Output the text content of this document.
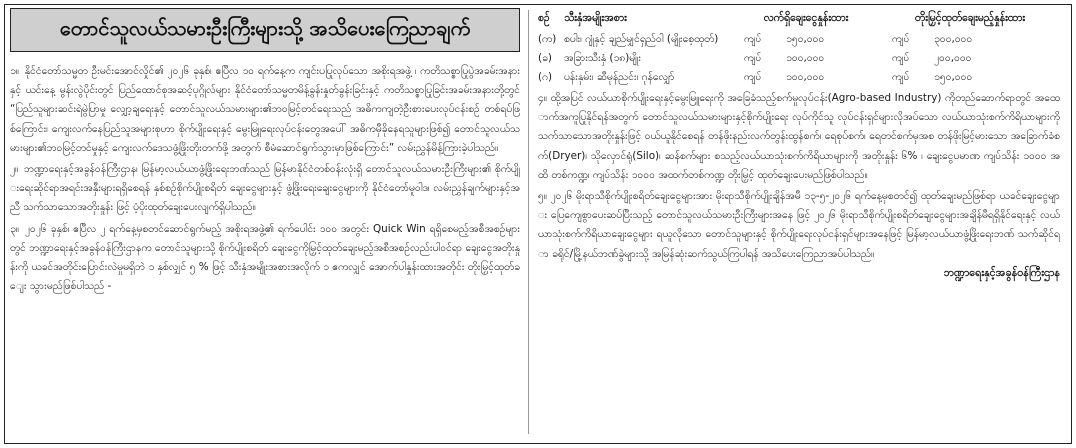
တောင်သူလယ်သမားဦးကြီးများသို့ အသိပေးကြေညာချက်

၁။ နိုင်ငံတော်သမ္မတ ဦးမင်းအောင်လှိုင်၏ ၂၀၂၆ ခုနှစ်၊ ဧပြီလ ၁၀ ရက်နေ့က ကျင်းပပြုလုပ်သော အစိုးရအဖွဲ့ ၊ ကတိသစ္စာပြုပွဲအခမ်းအနားနှင့် ယင်းနေ့ မွန်းလွဲပိုင်းတွင် ပြည်ထောင်စုအဆင့်ပုဂ္ဂိုလ်များ နိုင်ငံတော်သမ္မတမိန့်ခွန်းနှုတ်ခွန်းခြင်းနှင့် ကတိသစ္စာပြုခြင်းအခမ်းအနားတို့တွင် “ပြည်သူများဆင်းရဲမွဲပြာမှု လျှော့ချရေးနှင့် တောင်သူလယ်သမားများ၏ဘဝမြင့်တင်ရေးသည် အဓိကကျတဲ့ဦးစားပေးလုပ်ငန်းစဉ် တစ်ရပ်ဖြစ်ကြောင်း၊ ကျေးလက်နေပြည်သူအများစုဟာ စိုက်ပျိုးရေးနှင့် မွေးမြူရေးလုပ်ငန်းတွေအပေါ် အဓိကမှီခိုနေရသူများဖြစ်၍ တောင်သူလယ်သမားများ၏ဘဝမြင့်တင်မှုနှင့် ကျေးလက်ဒေသဖွံ့ဖြိုးတိုးတက်ဖို့ အတွက် စီမံဆောင်ရွက်သွားမှာဖြစ်ကြောင်း” လမ်းညွှန်မိန့်ကြားခဲ့ပါသည်။

၂။ ဘဏ္ဍာရေးနှင့်အခွန်ဝန်ကြီးဌာန၊ မြန်မာ့လယ်ယာဖွံ့ဖြိုးရေးဘဏ်သည် မြန်မာနိုင်ငံတစ်ဝန်းလုံးရှိ တောင်သူလယ်သမားဦးကြီးများ၏ စိုက်ပျိုးရေးဆိုင်ရာအရင်းအနှီးများရရှိစေရန် နှစ်စဉ်စိုက်ပျိုးစရိတ် ချေးငွေများနှင့် ဖွံ့ဖြိုးရေးချေးငွေများကို နိုင်ငံတော်မူဝါဒ၊ လမ်းညွှန်ချက်များနှင့်အညီ သက်သာသောအတိုးနှုန်း ဖြင့် ပံ့ပိုးထုတ်ချေးပေးလျက်ရှိပါသည်။

၃။ ၂၀၂၆ ခုနှစ်၊ ဧပြီလ ၂ ရက်နေ့မှစတင်ဆောင်ရွက်မည့် အစိုးရအဖွဲ့၏ ရက်ပေါင်း ၁၀၀ အတွင်း Quick Win ရရှိစေမည့်အစီအစဉ်များတွင် ဘဏ္ဍာရေးနှင့်အခွန်ဝန်ကြီးဌာနက တောင်သူများသို့ စိုက်ပျိုးစရိတ် ချေးငွေကိုမြှင့်ထုတ်ချေးမည့်အစီအစဉ်လည်းပါဝင်ရာ ချေးငွေအတိုးနှုန်းကို ယခင်အတိုင်းပြောင်းလဲမှုမရှိဘဲ ၁ နှစ်လျှင် ၅ % ဖြင့် သီးနှံအမျိုးအစားအလိုက် ၁ ဧကလျှင် အောက်ပါနှုန်းထားအတိုင်း တိုးမြှင့်ထုတ်ချေး သွားမည်ဖြစ်ပါသည် -

စဉ်	သီးနှံအမျိုးအစား	လက်ရှိချေးငွေနှုန်းထား	တိုးမြှင့်ထုတ်ချေးမည့်နှုန်းထား
(က) စပါး၊ ဂျုံနှင့် ချည်မျှင်ရှည်ဝါ (မျိုးစေ့ထုတ်)	ကျပ် ၁၅၀,၀၀၀	ကျပ် ၃၀၀,၀၀၀
(ခ)	အခြားသီးနှံ (၁၈)မျိုး	ကျပ် ၁၀၀,၀၀၀	ကျပ် ၂၀၀,၀၀၀
(ဂ)	ပန်းနှမ်း၊ ဆီမုန်ညင်း၊ ဂုန်လျှော်	ကျပ် ၁၀၀,၀၀၀	ကျပ် ၁၅၀,၀၀၀

၄။ ထို့အပြင် လယ်ယာစိုက်ပျိုးရေးနှင့်မွေးမြူရေးကို အခြေခံသည့်စက်မှုလုပ်ငန်း(Agro-based Industry) ကိုတည်ဆောက်ရာတွင် အထောက်အကူပြုနိုင်ရန်အတွက် တောင်သူလယ်သမားများနှင့်စိုက်ပျိုးရေး လုပ်ကိုင်သူ လုပ်ငန်းရှင်များလိုအပ်သော လယ်ယာသုံးစက်ကိရိယာများကို သက်သာသောအတိုးနှုန်းဖြင့် ဝယ်ယူနိုင်စေရန် တန်ဖိုးနည်းလက်တွန်းထွန်စက်၊ ရေစုပ်စက်၊ ရေတင်စက်မှအစ တန်ဖိုးမြင့်မားသော အခြောက်ခံစက်(Dryer)၊ သိုလှောင်ရုံ(Silo)၊ ဆန်စက်များ စသည့်လယ်ယာသုံးစက်ကိရိယာများကို အတိုးနှုန်း ၆% ၊ ချေးငွေပမာဏ ကျပ်သိန်း ၁၀၀၀ အထိ တစ်ကဏ္ဍ၊ ကျပ်သိန်း ၁၀၀၀ အထက်တစ်ကဏ္ဍ တိုးမြှင့် ထုတ်ချေးပေးမည်ဖြစ်ပါသည်။

၅။ ၂၀၂၆ မိုးရာသီစိုက်ပျိုးစရိတ်ချေးငွေများအား မိုးရာသီစိုက်ပျိုးချိန်အမီ ၁၃-၅-၂၀၂၆ ရက်နေ့မှစတင်၍ ထုတ်ချေးမည်ဖြစ်ရာ ယခင်ချေးငွေများ ပြေကျေစွာပေးဆပ်ပြီးသည့် တောင်သူလယ်သမားဦးကြီးများအနေ ဖြင့် ၂၀၂၆ မိုးရာသီစိုက်ပျိုးစရိတ်ချေးငွေများအချိန်မီရရှိနိုင်ရေးနှင့် လယ်ယာသုံးစက်ကိရိယာချေးငွေများ ရယူလိုသော တောင်သူများနှင့် စိုက်ပျိုးရေးလုပ်ငန်းရှင်များအနေဖြင့် မြန်မာ့လယ်ယာဖွံ့ဖြိုးရေးဘဏ် သက်ဆိုင်ရာ ခရိုင်/မြို့နယ်ဘဏ်ခွဲများသို့ အမြန်ဆုံးဆက်သွယ်ကြပါရန် အသိပေးကြေညာအပ်ပါသည်။

ဘဏ္ဍာရေးနှင့်အခွန်ဝန်ကြီးဌာန
